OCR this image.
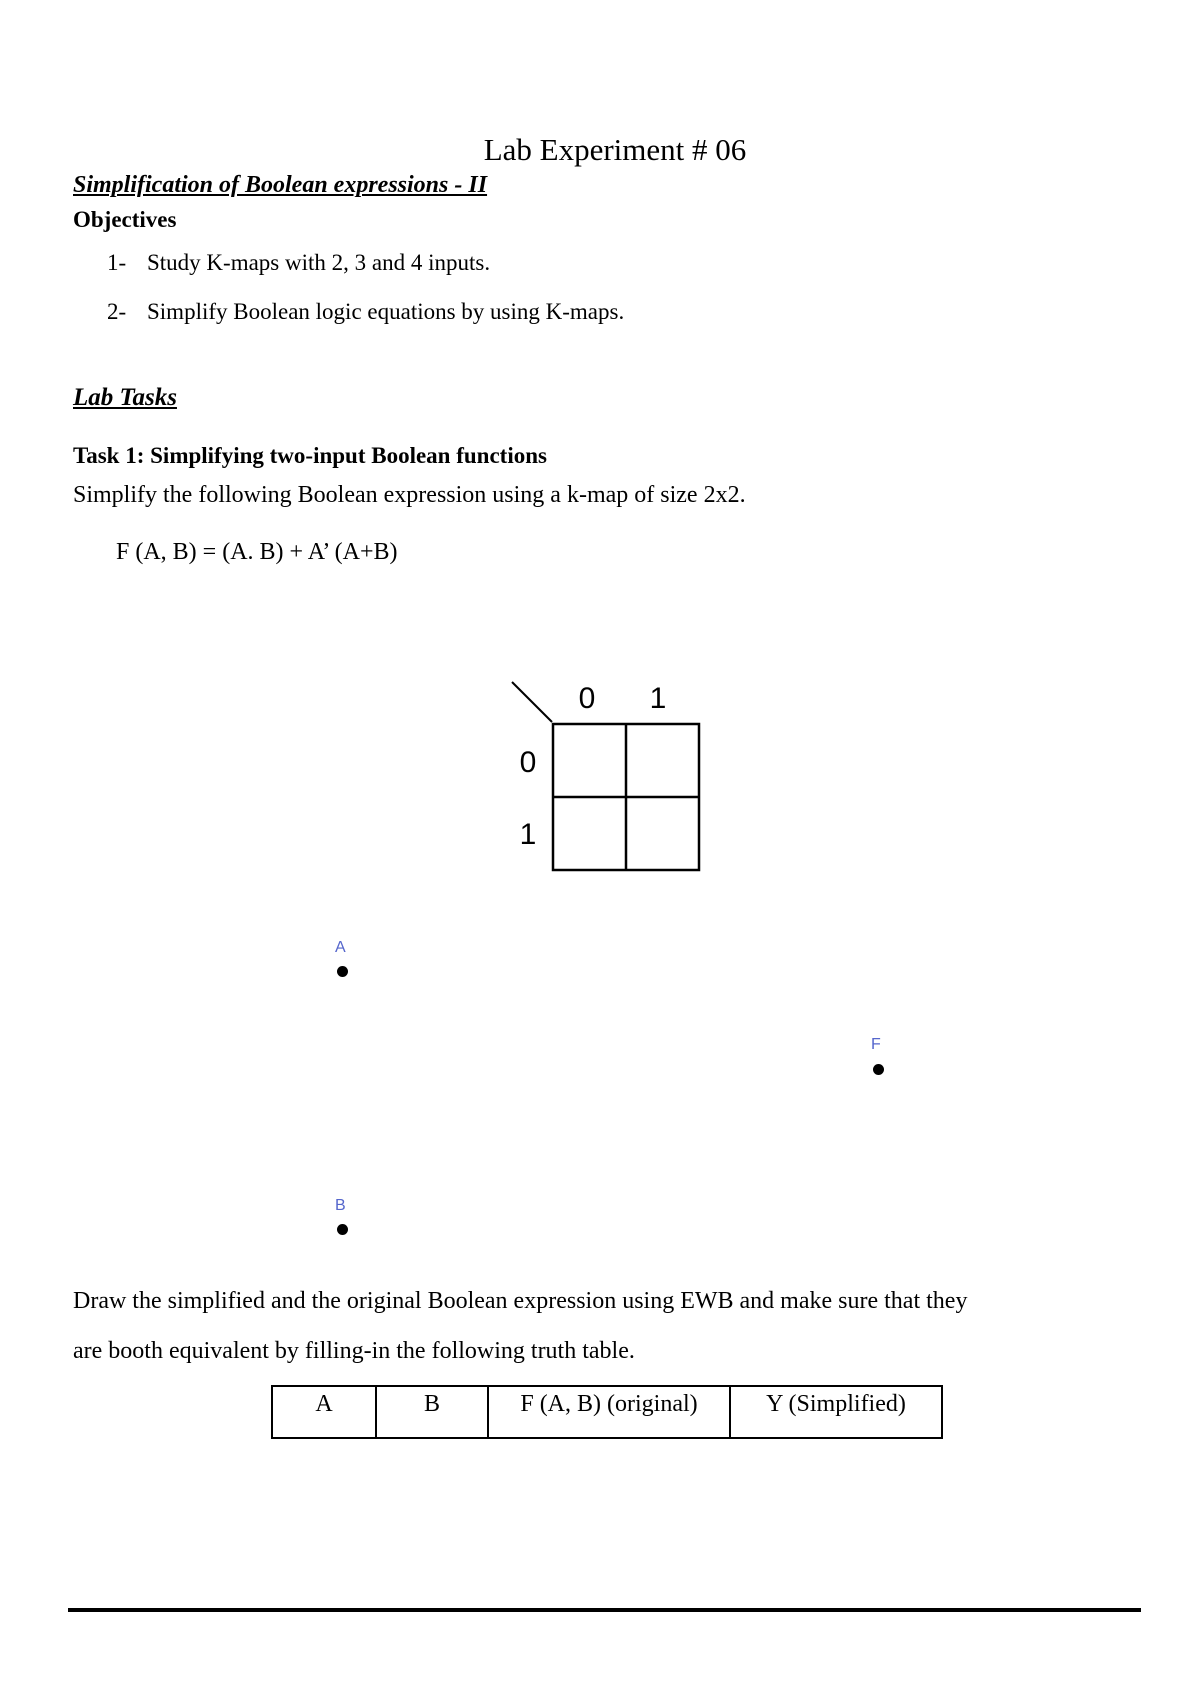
Lab Experiment # 06
Simplification of Boolean expressions - II
Objectives
1- Study K-maps with 2, 3 and 4 inputs.
2- Simplify Boolean logic equations by using K-maps.
Lab Tasks
Task 1: Simplifying two-input Boolean functions
Simplify the following Boolean expression using a k-map of size 2x2.
F (A, B) = (A. B) + A’ (A+B)
0 1
0
1
A
F
B
Draw the simplified and the original Boolean expression using EWB and make sure that they
are booth equivalent by filling-in the following truth table.
A	B	F (A, B) (original)	Y (Simplified)
